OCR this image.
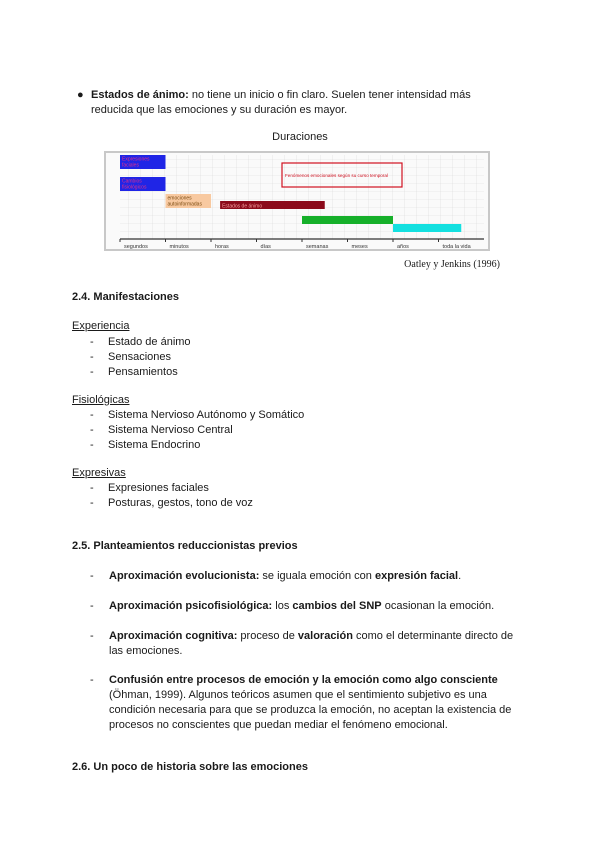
● Estados de ánimo: no tiene un inicio o fin claro. Suelen tener intensidad más reducida que las emociones y su duración es mayor.
Duraciones
segundos	minutos	horas	días	semanas	meses	años	toda la vida
Expresiones
faciales
Cambios
fisiológicos
emociones
autoinformadas	Estados de ánimo
Fenómenos emocionales según su curso temporal
Oatley y Jenkins (1996)
2.4. Manifestaciones
Experiencia
- Estado de ánimo
- Sensaciones
- Pensamientos
Fisiológicas
- Sistema Nervioso Autónomo y Somático
- Sistema Nervioso Central
- Sistema Endocrino
Expresivas
- Expresiones faciales
- Posturas, gestos, tono de voz
2.5. Planteamientos reduccionistas previos
- Aproximación evolucionista: se iguala emoción con expresión facial.
- Aproximación psicofisiológica: los cambios del SNP ocasionan la emoción.
- Aproximación cognitiva: proceso de valoración como el determinante directo de las emociones.
- Confusión entre procesos de emoción y la emoción como algo consciente (Öhman, 1999). Algunos teóricos asumen que el sentimiento subjetivo es una condición necesaria para que se produzca la emoción, no aceptan la existencia de procesos no conscientes que puedan mediar el fenómeno emocional.
2.6. Un poco de historia sobre las emociones
